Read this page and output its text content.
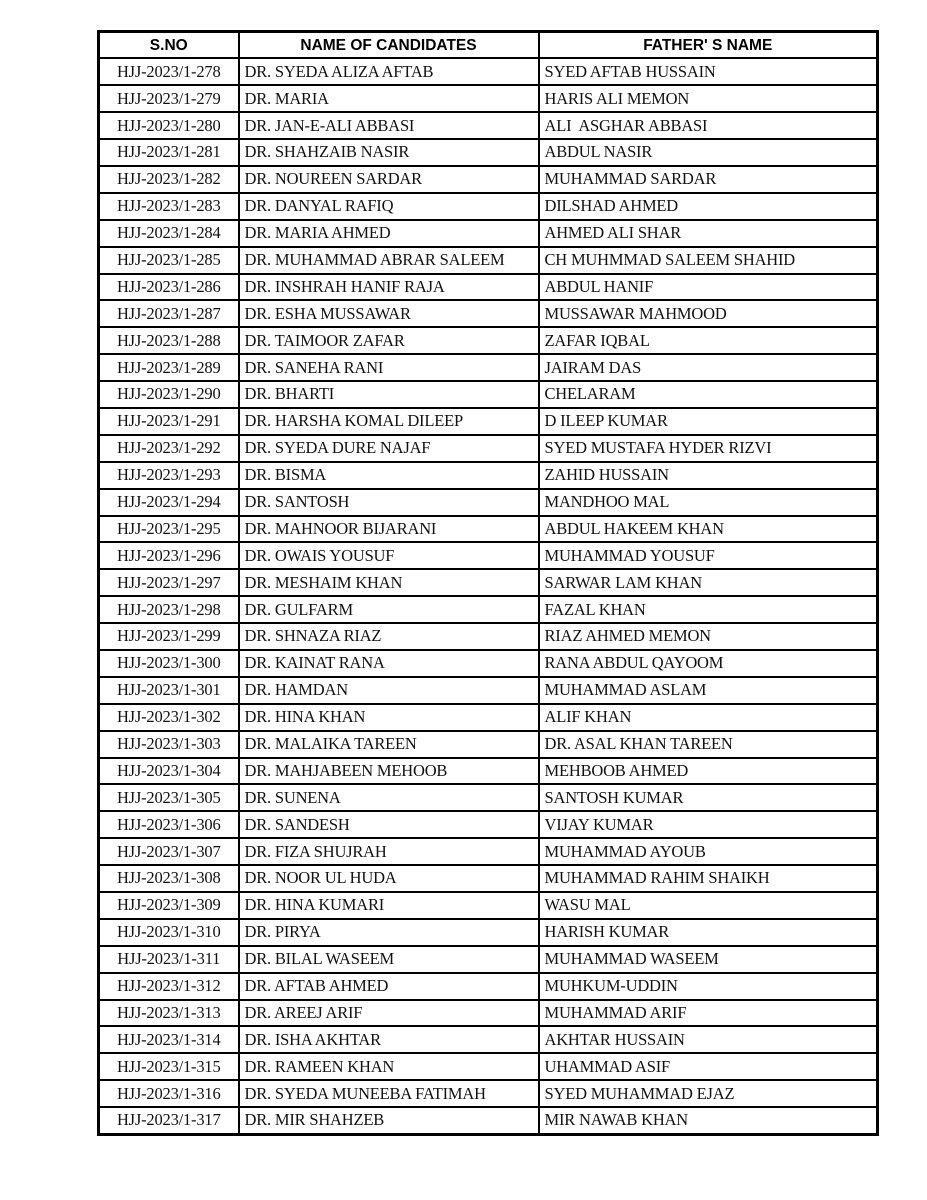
S.NO	NAME OF CANDIDATES	FATHER' S NAME
HJJ-2023/1-278	DR. SYEDA ALIZA AFTAB	SYED AFTAB HUSSAIN
HJJ-2023/1-279	DR. MARIA	HARIS ALI MEMON
HJJ-2023/1-280	DR. JAN-E-ALI ABBASI	ALI  ASGHAR ABBASI
HJJ-2023/1-281	DR. SHAHZAIB NASIR	ABDUL NASIR
HJJ-2023/1-282	DR. NOUREEN SARDAR	MUHAMMAD SARDAR
HJJ-2023/1-283	DR. DANYAL RAFIQ	DILSHAD AHMED
HJJ-2023/1-284	DR. MARIA AHMED	AHMED ALI SHAR
HJJ-2023/1-285	DR. MUHAMMAD ABRAR SALEEM	CH MUHMMAD SALEEM SHAHID
HJJ-2023/1-286	DR. INSHRAH HANIF RAJA	ABDUL HANIF
HJJ-2023/1-287	DR. ESHA MUSSAWAR	MUSSAWAR MAHMOOD
HJJ-2023/1-288	DR. TAIMOOR ZAFAR	ZAFAR IQBAL
HJJ-2023/1-289	DR. SANEHA RANI	JAIRAM DAS
HJJ-2023/1-290	DR. BHARTI	CHELARAM
HJJ-2023/1-291	DR. HARSHA KOMAL DILEEP	D ILEEP KUMAR
HJJ-2023/1-292	DR. SYEDA DURE NAJAF	SYED MUSTAFA HYDER RIZVI
HJJ-2023/1-293	DR. BISMA	ZAHID HUSSAIN
HJJ-2023/1-294	DR. SANTOSH	MANDHOO MAL
HJJ-2023/1-295	DR. MAHNOOR BIJARANI	ABDUL HAKEEM KHAN
HJJ-2023/1-296	DR. OWAIS YOUSUF	MUHAMMAD YOUSUF
HJJ-2023/1-297	DR. MESHAIM KHAN	SARWAR LAM KHAN
HJJ-2023/1-298	DR. GULFARM	FAZAL KHAN
HJJ-2023/1-299	DR. SHNAZA RIAZ	RIAZ AHMED MEMON
HJJ-2023/1-300	DR. KAINAT RANA	RANA ABDUL QAYOOM
HJJ-2023/1-301	DR. HAMDAN	MUHAMMAD ASLAM
HJJ-2023/1-302	DR. HINA KHAN	ALIF KHAN
HJJ-2023/1-303	DR. MALAIKA TAREEN	DR. ASAL KHAN TAREEN
HJJ-2023/1-304	DR. MAHJABEEN MEHOOB	MEHBOOB AHMED
HJJ-2023/1-305	DR. SUNENA	SANTOSH KUMAR
HJJ-2023/1-306	DR. SANDESH	VIJAY KUMAR
HJJ-2023/1-307	DR. FIZA SHUJRAH	MUHAMMAD AYOUB
HJJ-2023/1-308	DR. NOOR UL HUDA	MUHAMMAD RAHIM SHAIKH
HJJ-2023/1-309	DR. HINA KUMARI	WASU MAL
HJJ-2023/1-310	DR. PIRYA	HARISH KUMAR
HJJ-2023/1-311	DR. BILAL WASEEM	MUHAMMAD WASEEM
HJJ-2023/1-312	DR. AFTAB AHMED	MUHKUM-UDDIN
HJJ-2023/1-313	DR. AREEJ ARIF	MUHAMMAD ARIF
HJJ-2023/1-314	DR. ISHA AKHTAR	AKHTAR HUSSAIN
HJJ-2023/1-315	DR. RAMEEN KHAN	UHAMMAD ASIF
HJJ-2023/1-316	DR. SYEDA MUNEEBA FATIMAH	SYED MUHAMMAD EJAZ
HJJ-2023/1-317	DR. MIR SHAHZEB	MIR NAWAB KHAN
